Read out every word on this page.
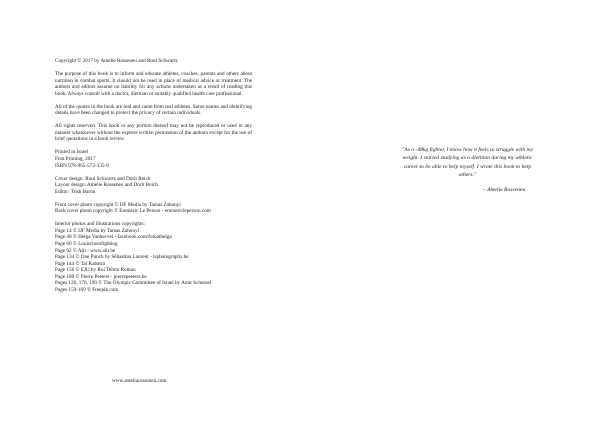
Copyright © 2017 by Amelie Rosseneu and Roni Schwartz

The purpose of this book is to inform and educate athletes, coaches, parents and others about nutrition in combat sports. It should not be used in place of medical advice or treatment. The authors and editors assume no liability for any actions undertaken as a result of reading this book. Always consult with a doctor, dietitian or suitably qualified health care professional.

All of the quotes in the book are real and came from real athletes. Some names and identifying details have been changed to protect the privacy of certain individuals.

All rights reserved. This book or any portion thereof may not be reproduced or used in any manner whatsoever without the express written permission of the authors except for the use of brief quotations in a book review.

Printed in Israel
First Printing, 2017
ISBN 978-965-572-335-9

Cover design: Roni Schwartz and Dorit Reich
Layout design: Amelie Rosseneu and Dorit Reich
Editor: Trish Baron

Front cover photo copyright © IJF Media by Tamas Zahonyi
Back cover photo copyright © Emmeric Le Person - emmericleperson.com

Interior photos and illustrations copyrights:
Page 14 © IJF Media by Tamas Zahonyi
Page 40 © Helga Vanhecvel - facebook.com/fotoathelga
Page 60 © Louischorsfighting
Page 92 © Alit - www.alit.be
Page 134 © One Punch by Sébastian Laurent - lsphotography.be
Page 144 © Tal Kabatra
Page 156 © EJU by Rui Telmo Romao
Page 180 © Pierre Peeters - pierrepeeters.be
Pages 126, 170, 190 © The Olympic Committee of Israel by Amit Schussel
Pages 159-169 © Freepik.com

www.ameliarosseneu.com
"As a -48kg fighter, I know how it feels to struggle with my
weight. I started studying as a dietitian during my athletic
career to be able to help myself. I wrote this book to help
others."
– Amelie Rosseneu
